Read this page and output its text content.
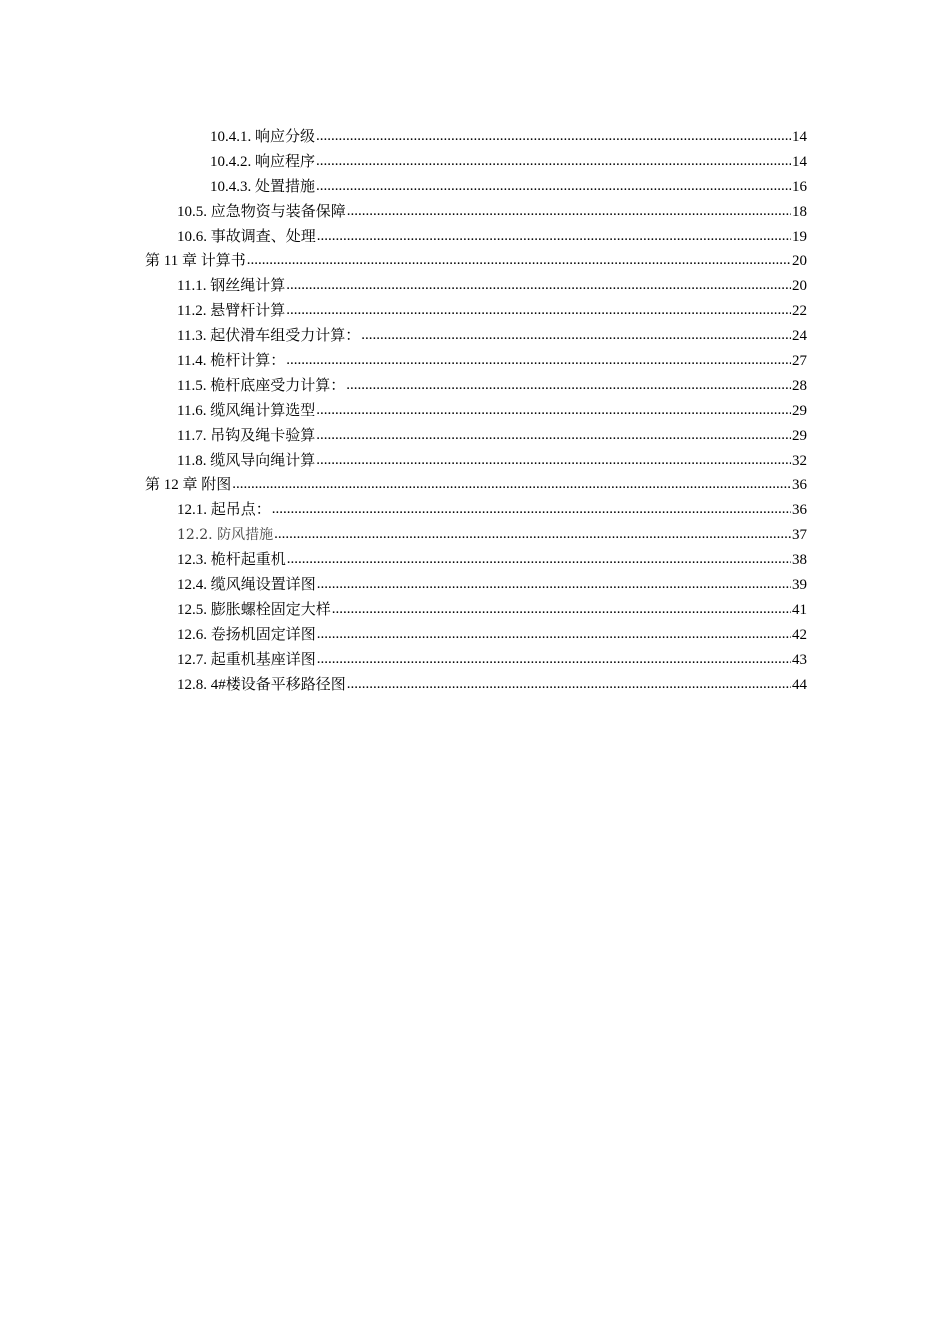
10.4.1. 响应分级 .....	14
10.4.2. 响应程序 .....	14
10.4.3. 处置措施 .....	16
10.5. 应急物资与装备保障 .....	18
10.6. 事故调查、处理 .....	19
第 11 章 计算书 .....	20
11.1. 钢丝绳计算 .....	20
11.2. 悬臂杆计算 .....	22
11.3. 起伏滑车组受力计算： .....	24
11.4. 桅杆计算： .....	27
11.5. 桅杆底座受力计算： .....	28
11.6. 缆风绳计算选型 .....	29
11.7. 吊钩及绳卡验算 .....	29
11.8. 缆风导向绳计算 .....	32
第 12 章 附图 .....	36
12.1. 起吊点： .....	36
12.2. 防风措施 .....	37
12.3. 桅杆起重机 .....	38
12.4. 缆风绳设置详图 .....	39
12.5. 膨胀螺栓固定大样 .....	41
12.6. 卷扬机固定详图 .....	42
12.7. 起重机基座详图 .....	43
12.8. 4#楼设备平移路径图 .....	44
